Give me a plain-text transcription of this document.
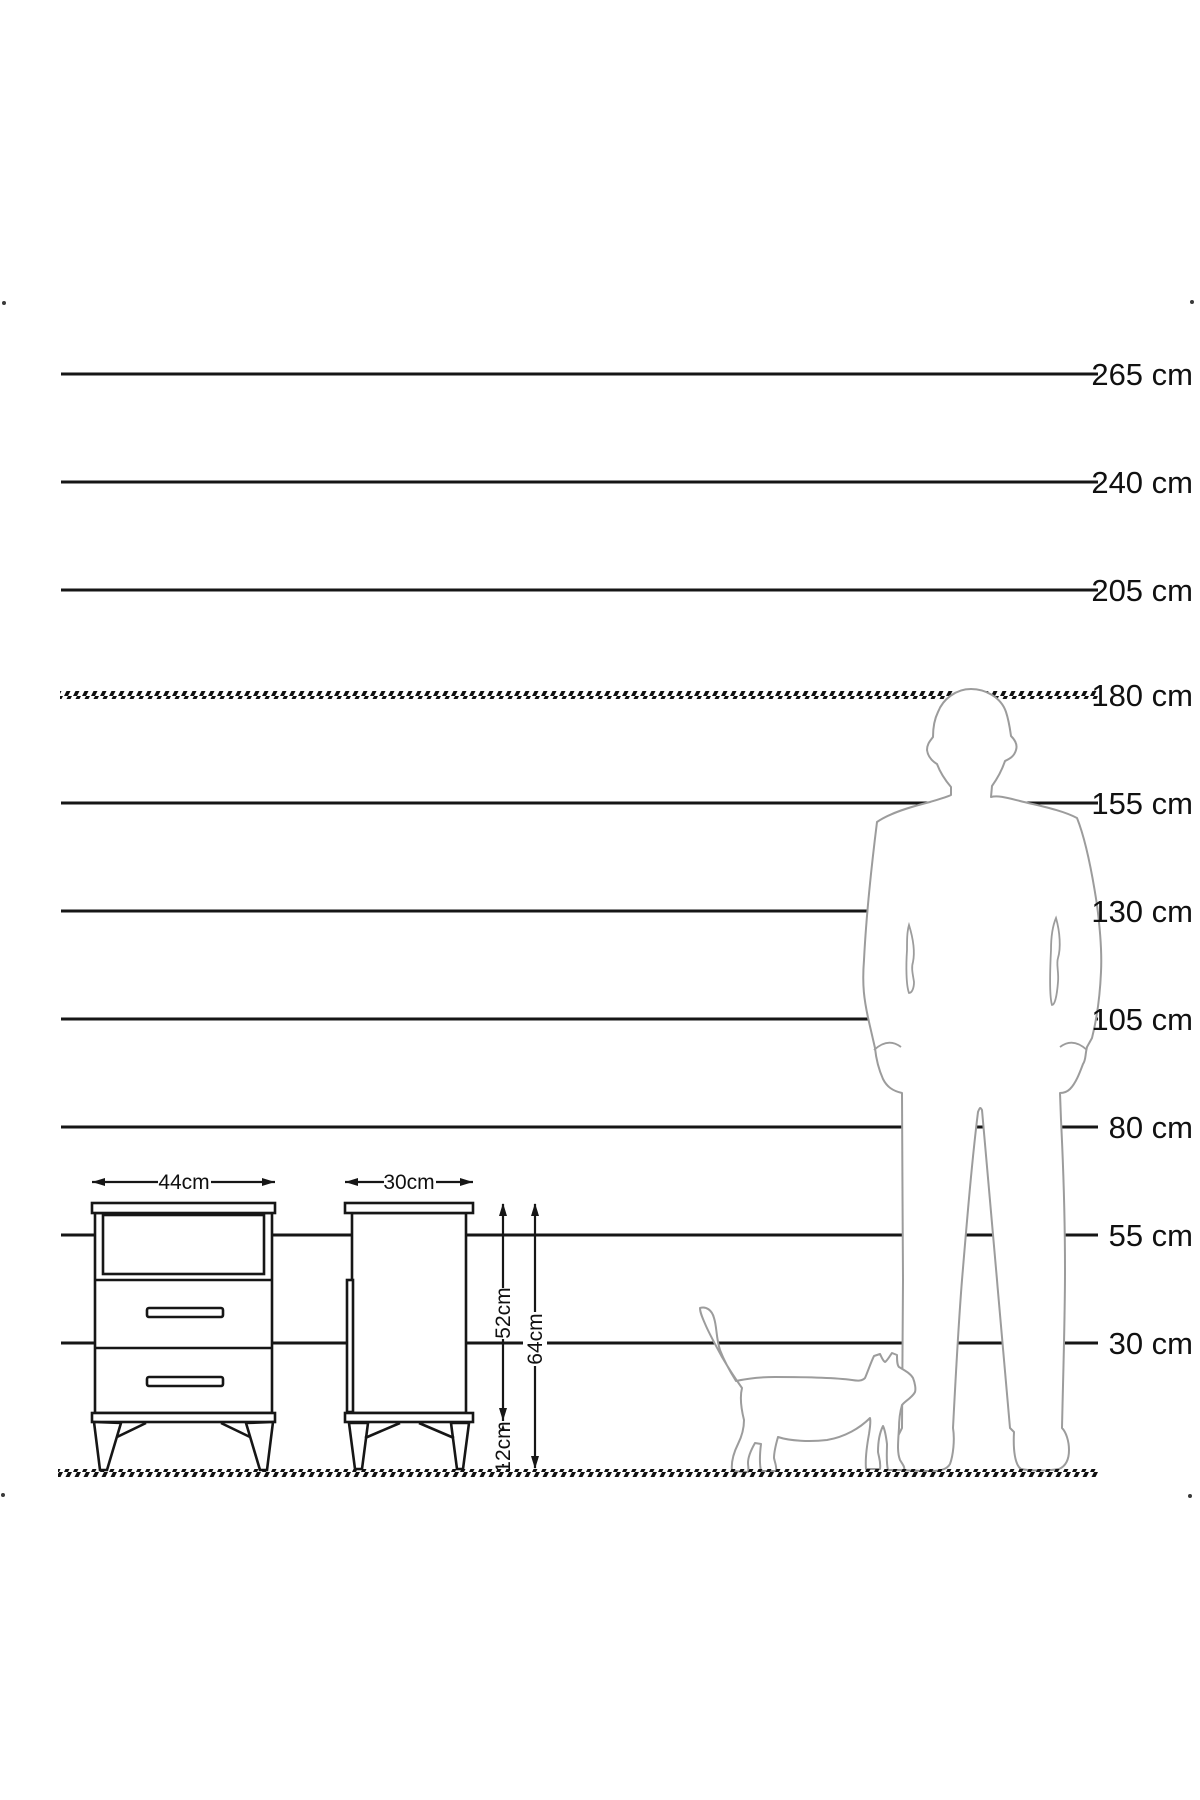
44cm	30cm
52cm
64cm
12cm
265 cm
240 cm
205 cm
180 cm
155 cm
130 cm
105 cm
80 cm
55 cm
30 cm
